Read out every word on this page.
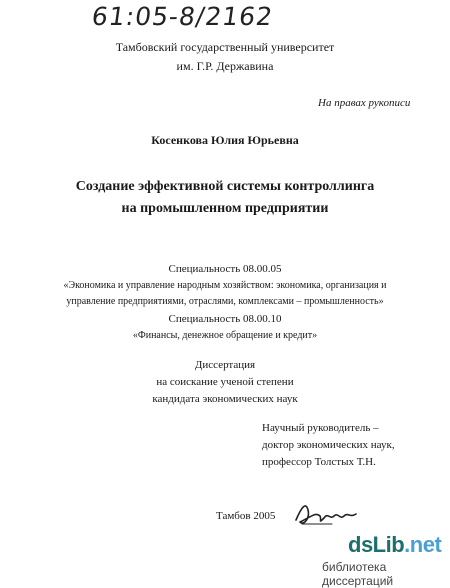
61:05-8/2162
Тамбовский государственный университет
им. Г.Р. Державина
На правах рукописи
Косенкова Юлия Юрьевна
Создание эффективной системы контроллинга
на промышленном предприятии
Специальность 08.00.05
«Экономика и управление народным хозяйством: экономика, организация и
управление предприятиями, отраслями, комплексами – промышленность»
Специальность 08.00.10
«Финансы, денежное обращение и кредит»
Диссертация
на соискание ученой степени
кандидата экономических наук
Научный руководитель –
доктор экономических наук,
профессор Толстых Т.Н.
Тамбов 2005
dsLib.net
библиотека диссертаций
